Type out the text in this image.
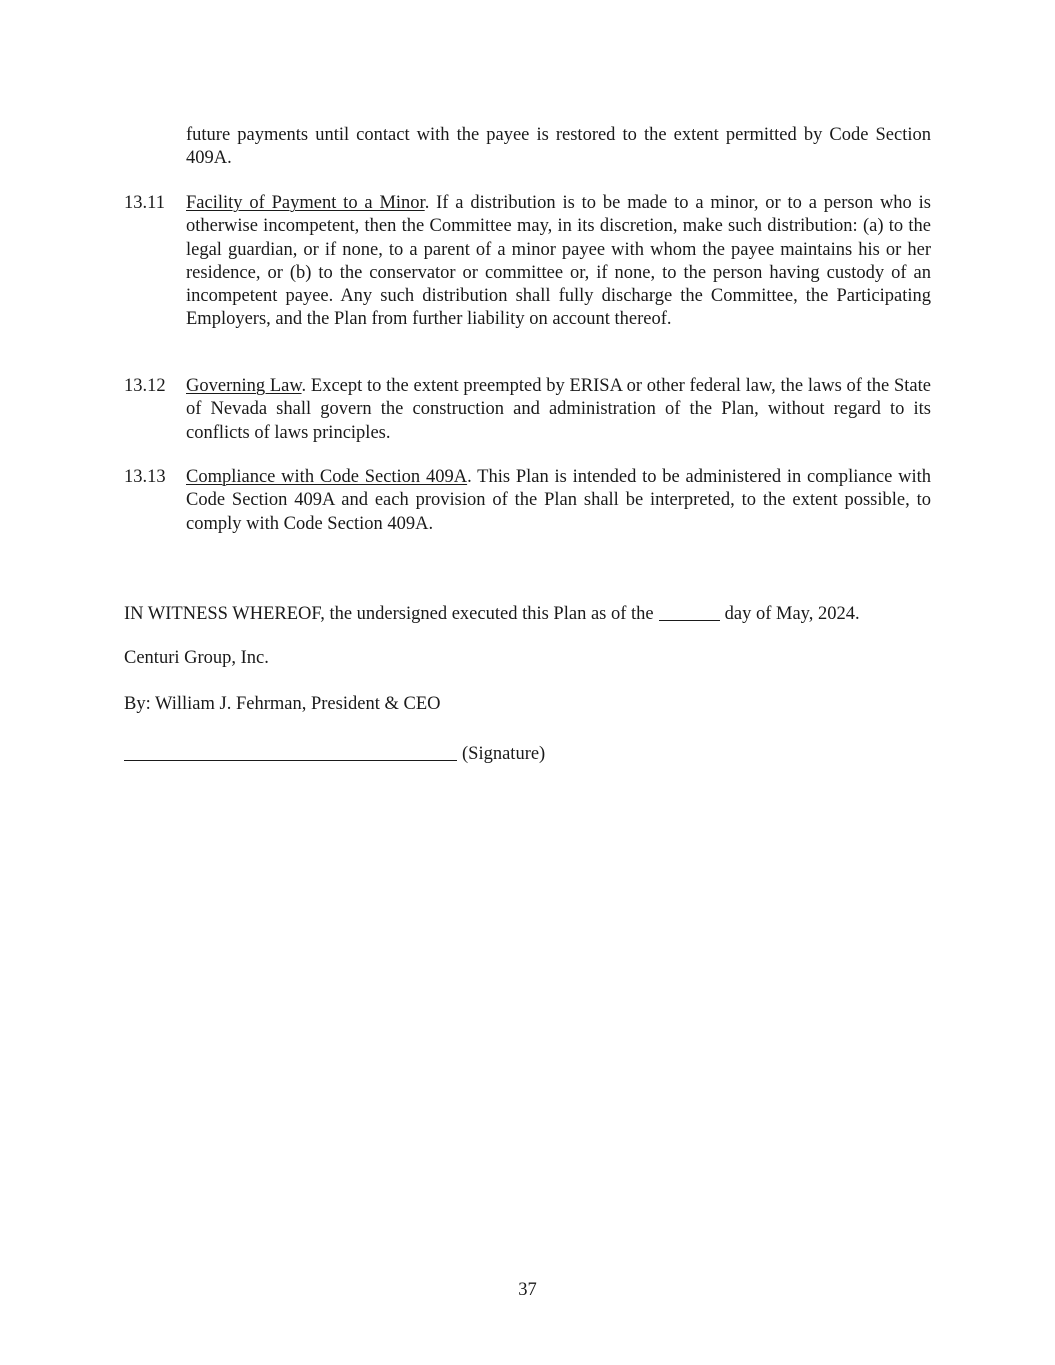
future payments until contact with the payee is restored to the extent permitted by Code Section 409A.
13.11 Facility of Payment to a Minor. If a distribution is to be made to a minor, or to a person who is otherwise incompetent, then the Committee may, in its discretion, make such distribution: (a) to the legal guardian, or if none, to a parent of a minor payee with whom the payee maintains his or her residence, or (b) to the conservator or committee or, if none, to the person having custody of an incompetent payee. Any such distribution shall fully discharge the Committee, the Participating Employers, and the Plan from further liability on account thereof.
13.12 Governing Law. Except to the extent preempted by ERISA or other federal law, the laws of the State of Nevada shall govern the construction and administration of the Plan, without regard to its conflicts of laws principles.
13.13 Compliance with Code Section 409A. This Plan is intended to be administered in compliance with Code Section 409A and each provision of the Plan shall be interpreted, to the extent possible, to comply with Code Section 409A.
IN WITNESS WHEREOF, the undersigned executed this Plan as of the	day of May, 2024.
Centuri Group, Inc.
By: William J. Fehrman, President & CEO
(Signature)
37
